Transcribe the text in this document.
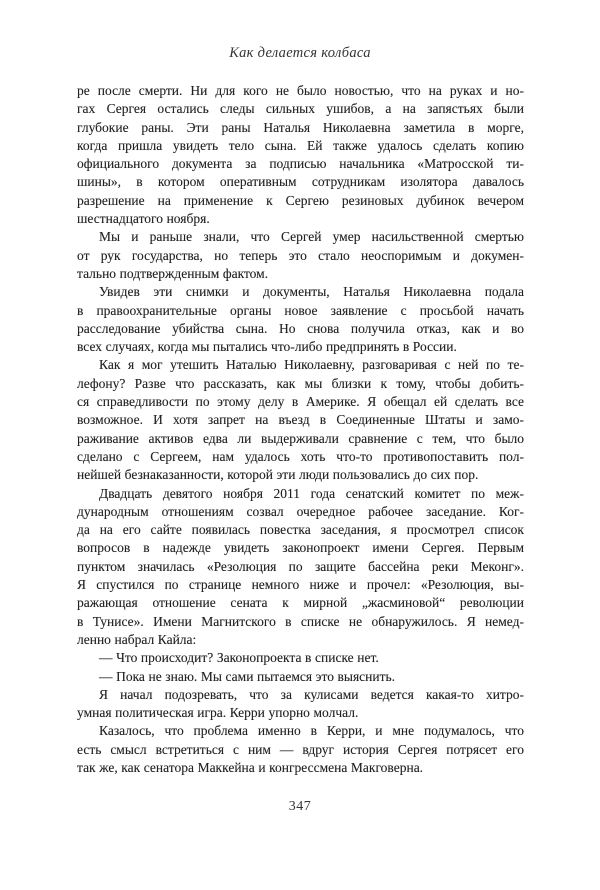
Как делается колбаса
ре после смерти. Ни для кого не было новостью, что на руках и но-
гах Сергея остались следы сильных ушибов, а на запястьях были
глубокие раны. Эти раны Наталья Николаевна заметила в морге,
когда пришла увидеть тело сына. Ей также удалось сделать копию
официального документа за подписью начальника «Матросской ти-
шины», в котором оперативным сотрудникам изолятора давалось
разрешение на применение к Сергею резиновых дубинок вечером
шестнадцатого ноября.
Мы и раньше знали, что Сергей умер насильственной смертью
от рук государства, но теперь это стало неоспоримым и докумен-
тально подтвержденным фактом.
Увидев эти снимки и документы, Наталья Николаевна подала
в правоохранительные органы новое заявление с просьбой начать
расследование убийства сына. Но снова получила отказ, как и во
всех случаях, когда мы пытались что-либо предпринять в России.
Как я мог утешить Наталью Николаевну, разговаривая с ней по те-
лефону? Разве что рассказать, как мы близки к тому, чтобы добить-
ся справедливости по этому делу в Америке. Я обещал ей сделать все
возможное. И хотя запрет на въезд в Соединенные Штаты и замо-
раживание активов едва ли выдерживали сравнение с тем, что было
сделано с Сергеем, нам удалось хоть что-то противопоставить пол-
нейшей безнаказанности, которой эти люди пользовались до сих пор.
Двадцать девятого ноября 2011 года сенатский комитет по меж-
дународным отношениям созвал очередное рабочее заседание. Ког-
да на его сайте появилась повестка заседания, я просмотрел список
вопросов в надежде увидеть законопроект имени Сергея. Первым
пунктом значилась «Резолюция по защите бассейна реки Меконг».
Я спустился по странице немного ниже и прочел: «Резолюция, вы-
ражающая отношение сената к мирной „жасминовой“ революции
в Тунисе». Имени Магнитского в списке не обнаружилось. Я немед-
ленно набрал Кайла:
— Что происходит? Законопроекта в списке нет.
— Пока не знаю. Мы сами пытаемся это выяснить.
Я начал подозревать, что за кулисами ведется какая-то хитро-
умная политическая игра. Керри упорно молчал.
Казалось, что проблема именно в Керри, и мне подумалось, что
есть смысл встретиться с ним — вдруг история Сергея потрясет его
так же, как сенатора Маккейна и конгрессмена Макговерна.
347
